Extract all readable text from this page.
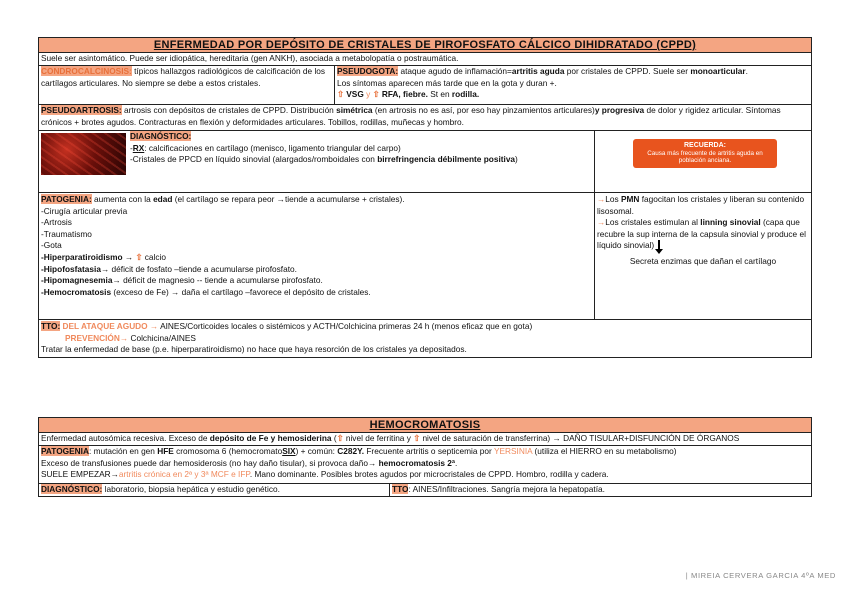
ENFERMEDAD POR DEPÓSITO DE CRISTALES DE PIROFOSFATO CÁLCICO DIHIDRATADO (CPPD)
Suele ser asintomático. Puede ser idiopática, hereditaria (gen ANKH), asociada a metabolopatía o postraumática.
CONDROCALCINOSIS: típicos hallazgos radiológicos de calcificación de los cartílagos articulares. No siempre se debe a estos cristales.
PSEUDOGOTA: ataque agudo de inflamación=artritis aguda por cristales de CPPD. Suele ser monoarticular.
Los síntomas aparecen más tarde que en la gota y duran +.
⇧ VSG y ⇧ RFA, fiebre. St en rodilla.
PSEUDOARTROSIS: artrosis con depósitos de cristales de CPPD. Distribución simétrica (en artrosis no es así, por eso hay pinzamientos articulares)y progresiva de dolor y rigidez articular. Síntomas crónicos + brotes agudos. Contracturas en flexión y deformidades articulares. Tobillos, rodillas, muñecas y hombro.
DIAGNÓSTICO:
-RX: calcificaciones en cartílago (menisco, ligamento triangular del carpo)
-Cristales de PPCD en líquido sinovial (alargados/romboidales con birrefringencia débilmente positiva)
RECUERDA:
Causa más frecuente de artritis aguda en población anciana.
PATOGENIA: aumenta con la edad (el cartílago se repara peor →tiende a acumularse + cristales).
-Cirugía articular previa
-Artrosis
-Traumatismo
-Gota
-Hiperparatiroidismo → ⇧ calcio
-Hipofosfatasia→ déficit de fosfato –tiende a acumularse pirofosfato.
-Hipomagnesemia→ déficit de magnesio -- tiende a acumularse pirofosfato.
-Hemocromatosis (exceso de Fe) → daña el cartílago –favorece el depósito de cristales.
→Los PMN fagocitan los cristales y liberan su contenido lisosomal.
→Los cristales estimulan al linning sinovial (capa que recubre la sup interna de la capsula sinovial y produce el líquido sinovial)

Secreta enzimas que dañan el cartílago
TTO: DEL ATAQUE AGUDO → AINES/Corticoides locales o sistémicos y ACTH/Colchicina primeras 24 h (menos eficaz que en gota)
PREVENCIÓN→ Colchicina/AINES
Tratar la enfermedad de base (p.e. hiperparatiroidismo) no hace que haya resorción de los cristales ya depositados.
HEMOCROMATOSIS
Enfermedad autosómica recesiva. Exceso de depósito de Fe y hemosiderina (⇧ nivel de ferritina y ⇧ nivel de saturación de transferrina) → DAÑO TISULAR+DISFUNCIÓN DE ÓRGANOS
PATOGENIA: mutación en gen HFE cromosoma 6 (hemocromatoSIX) + común: C282Y. Frecuente artritis o septicemia por YERSINIA (utiliza el HIERRO en su metabolismo)
Exceso de transfusiones puede dar hemosiderosis (no hay daño tisular), si provoca daño→ hemocromatosis 2ª.
SUELE EMPEZAR→artritis crónica en 2ª y 3ª MCF e IFP. Mano dominante. Posibles brotes agudos por microcristales de CPPD. Hombro, rodilla y cadera.
DIAGNÓSTICO: laboratorio, biopsia hepática y estudio genético.	TTO: AINES/Infiltraciones. Sangría mejora la hepatopatía.
| MIREIA CERVERA GARCIA 4ºA MED
